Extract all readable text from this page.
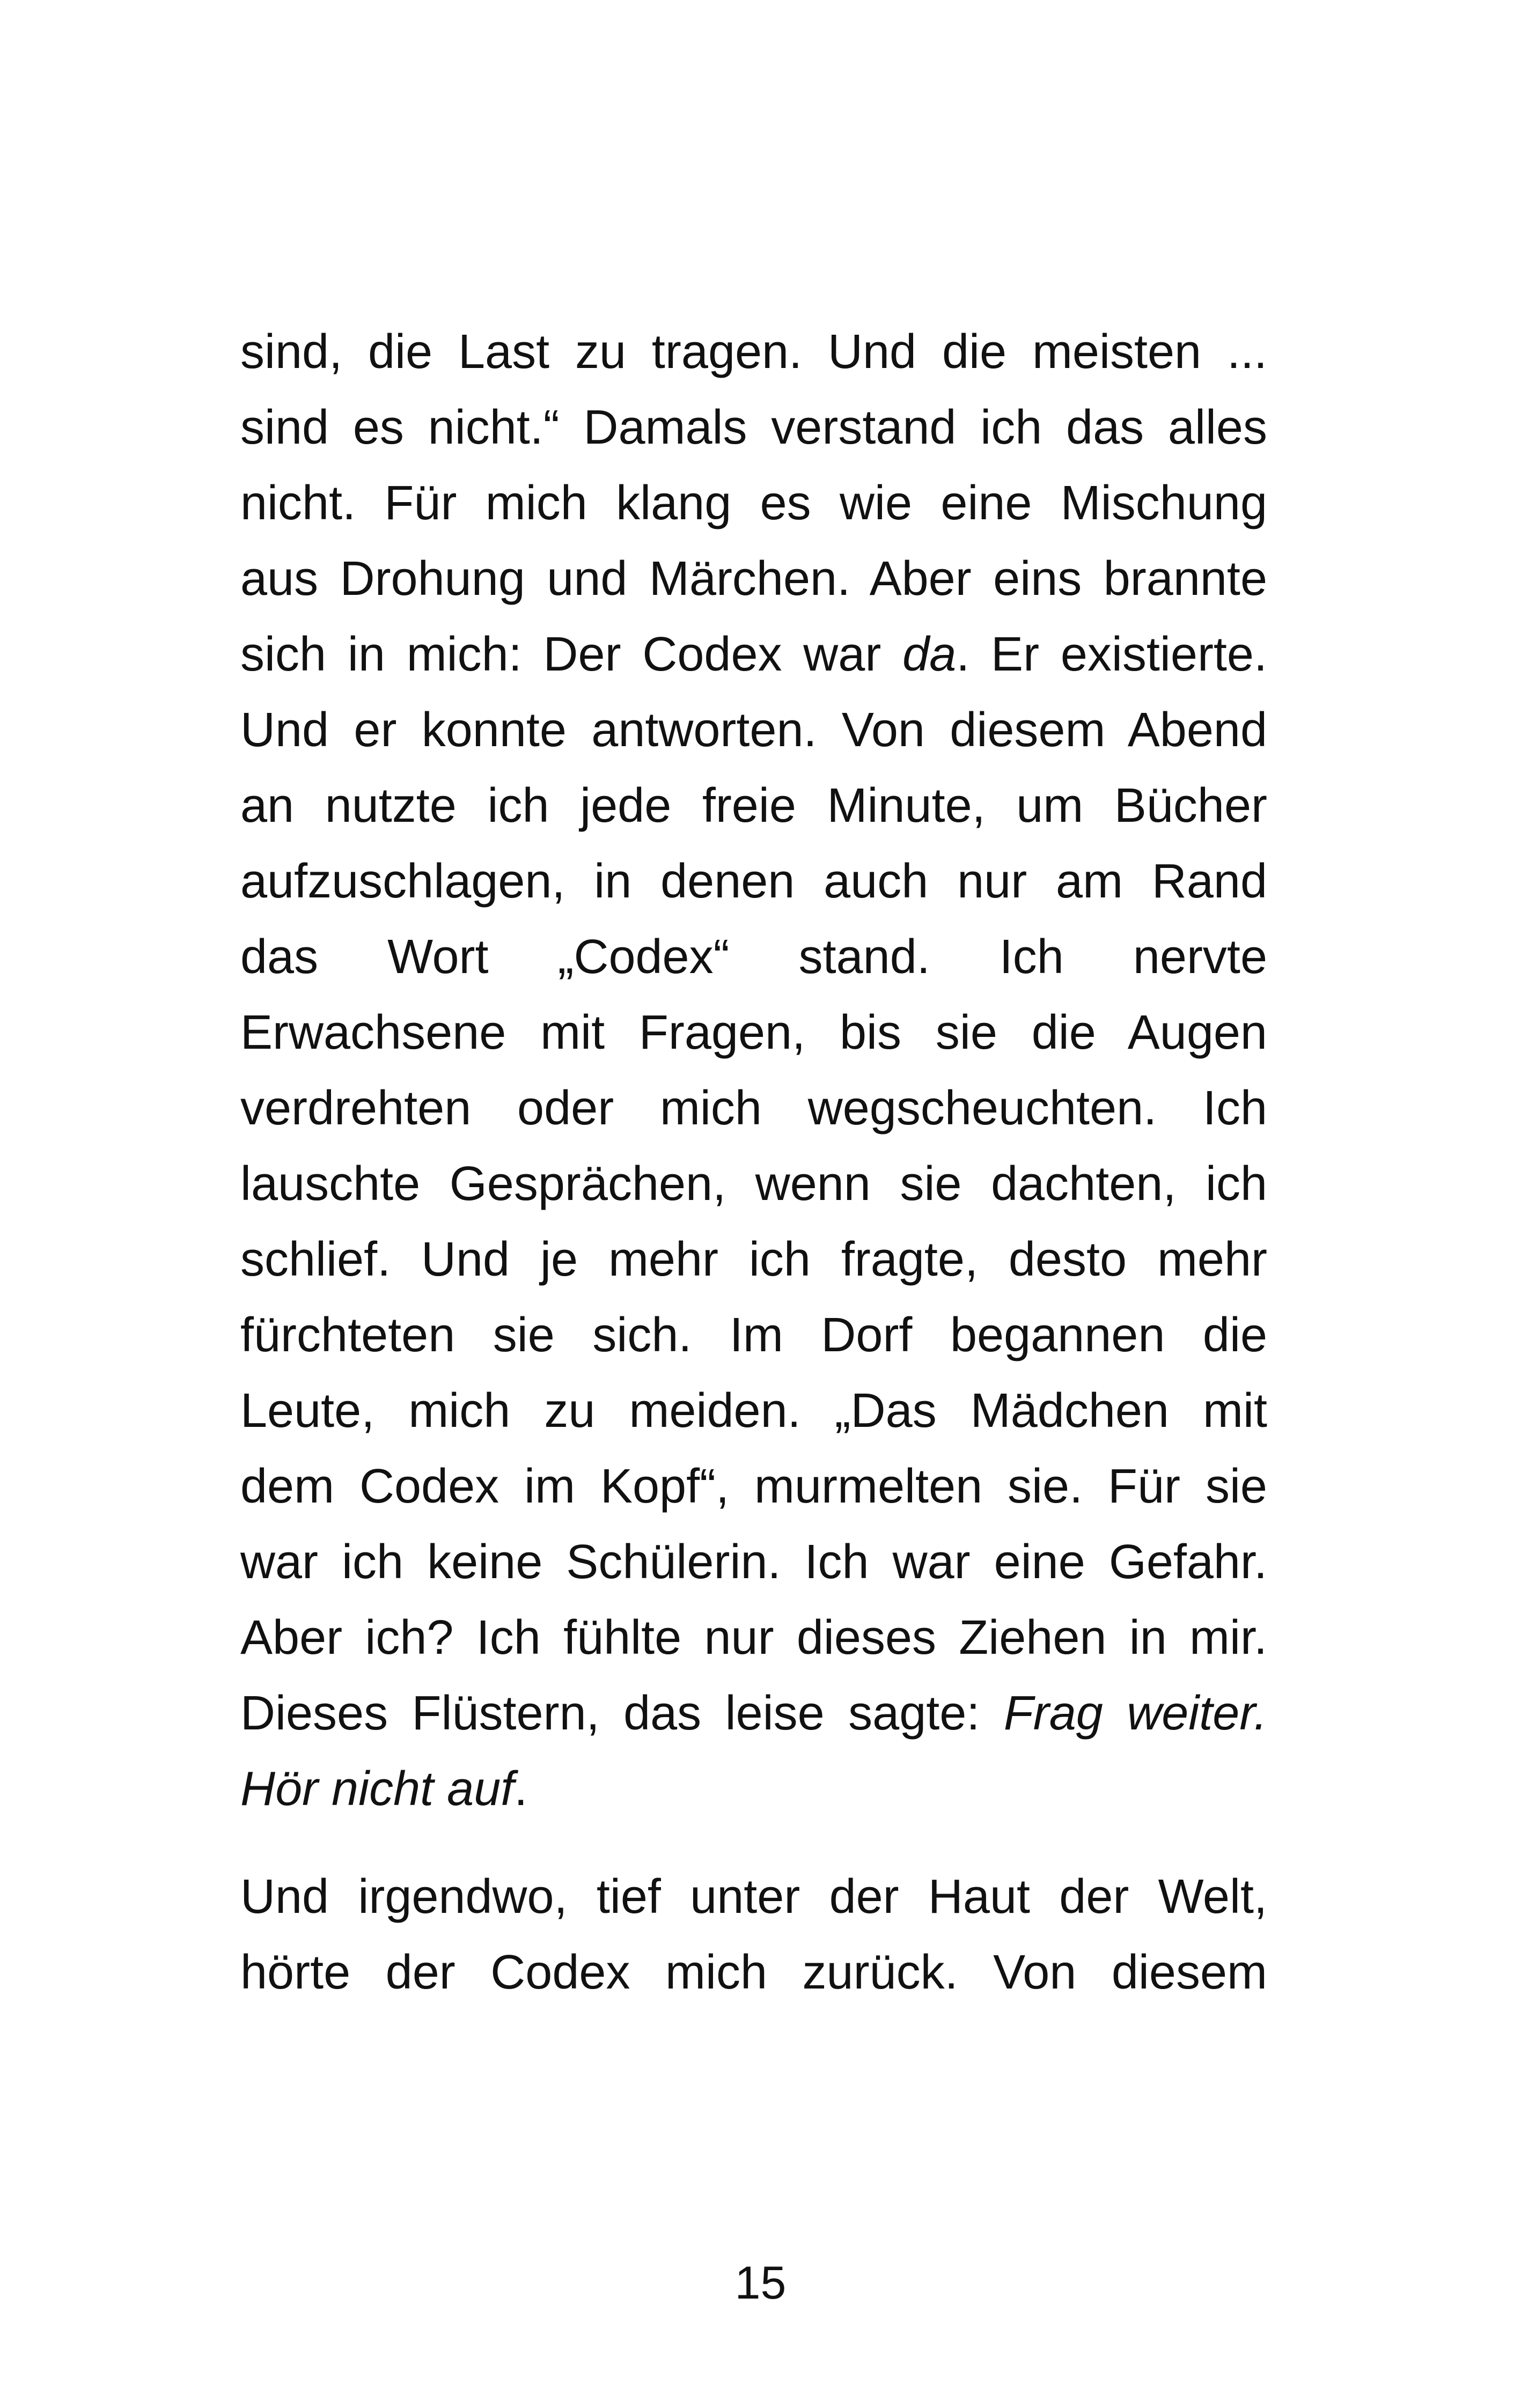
sind, die Last zu tragen. Und die meisten ...
sind es nicht.“ Damals verstand ich das alles
nicht. Für mich klang es wie eine Mischung
aus Drohung und Märchen. Aber eins brannte
sich in mich: Der Codex war da. Er existierte.
Und er konnte antworten. Von diesem Abend
an nutzte ich jede freie Minute, um Bücher
aufzuschlagen, in denen auch nur am Rand
das Wort „Codex“ stand. Ich nervte
Erwachsene mit Fragen, bis sie die Augen
verdrehten oder mich wegscheuchten. Ich
lauschte Gesprächen, wenn sie dachten, ich
schlief. Und je mehr ich fragte, desto mehr
fürchteten sie sich. Im Dorf begannen die
Leute, mich zu meiden. „Das Mädchen mit
dem Codex im Kopf“, murmelten sie. Für sie
war ich keine Schülerin. Ich war eine Gefahr.
Aber ich? Ich fühlte nur dieses Ziehen in mir.
Dieses Flüstern, das leise sagte: Frag weiter.
Hör nicht auf.

Und irgendwo, tief unter der Haut der Welt,
hörte der Codex mich zurück. Von diesem

15
